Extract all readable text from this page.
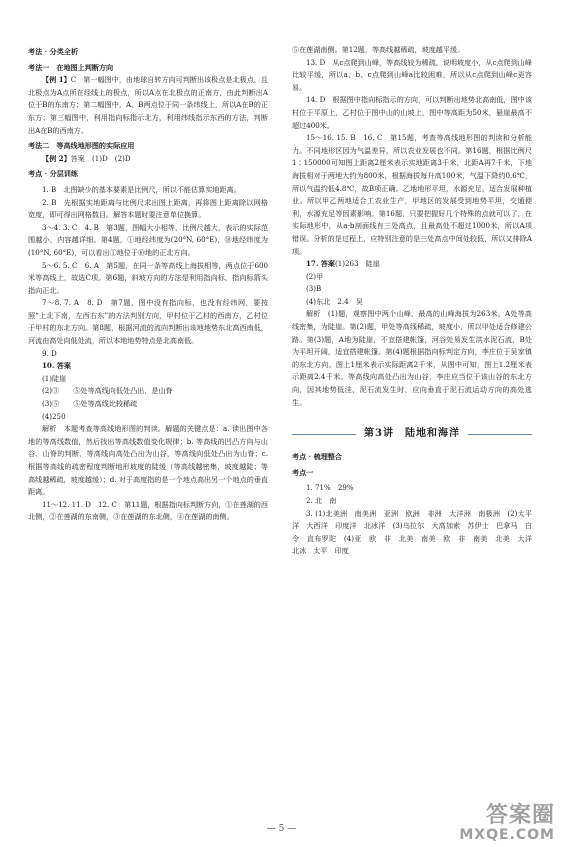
考法 · 分类全析

考法一　在地图上判断方向

【例 1】C　第一幅图中，由地球自转方向可判断出该极点是北极点，且北极点为A点所在经线上的极点，所以A点在北极点的正南方，由此判断出A位于B的东南方；第二幅图中，A、B两点位于同一条纬线上，所以A在B的正东方；第三幅图中，利用指向标指示北方，利用纬线指示东西的方法，判断出A在B的西南方。

考法二　等高线地形图的实际应用

【例 2】答案　(1)D　(2)D

考点 · 分层训练

1. B　北图缺少的基本要素是比例尺，所以不能估算实地距离。

2. B　先根据实地距离与比例尺求出图上距离，再将图上距离除以网格宽度，即可得出网格数目。解答本题时要注意单位换算。

3～4. 3. C　4. B　第3题，图幅大小相等，比例尺越大，表示的实际范围越小，内容越详细。第4题，①地经纬度为(20°N, 60°E)，⑩地经纬度为(10°N, 60°E)，可以看出①地位于⑩地的正北方向。

5～6. 5. C　6. A　第5题，在同一条等高线上海拔相等，两点位于600米等高线上，故选C项。第6题，斜坡方向的方法是利用指向标，指向标箭头指向正北。

7～8. 7. A　8. D　第7题，图中没有指向标，也没有经纬网，要按照“上北下南，左西右东”的方法判别方向，甲村位于乙村的西南方，乙村位于甲村的东北方向。第8题，根据河流的流向判断出该地地势东北高西南低，河流由高处向低处流，所以本地地势特点是北高南低。

9. D

10. 答案

(1)陡崖

(2)③　　⑤处等高线向低处凸出，是山脊

(3)⑤　　⑤处等高线比较稀疏

(4)250

解析　本题考查等高线地形图的判读。解题的关键点是：a. 读出图中各地的等高线数值，然后找出等高线数值变化规律；b. 等高线的凹凸方向与山谷、山脊的判断，等高线向高处凸出为山谷，等高线向低处凸出为山脊；c. 根据等高线的疏密程度判断地形坡度的陡缓（等高线越密集，坡度越陡；等高线越稀疏，坡度越缓）；d. 对于高度指的是一个地点高出另一个地点的垂直距离。

11～12. 11. D　12. C　第11题，根据指向标判断方向，①在莲湖的西北侧，②在莲湖的东南侧，③在莲湖的东北侧，④在莲湖的南侧。

⑤在莲湖南侧。第12题，等高线越稀疏，坡度越平缓。

13. D　从c点爬到山峰，等高线较为稀疏，说明坡度小，从c点爬到山峰比较平缓，所以a、b、c点爬到山峰a比较困难，所以从c点爬到山峰c更容易。

14. D　根据图中指向标指示的方向，可以判断出地势北高南低，图中该村位于平原上，乙村位于图中山的山坡上，图中等高距为50米，悬崖最高不超过400米。

15～16. 15. B　16. C　第15题，考查等高线地形图的判读和分析能力。不同地形区因为气温差异，所以农业发展也不同。第16题，根据比例尺1∶150000可知图上距离2厘米表示实地距离3千米，北距A再7千米，下地海拔相对于两地大约为800米，根据海拔每升高100米，气温下降约0.6℃，所以气温约低4.8℃，故B项正确。乙地地形平坦，水源充足，适合发展种植业。所以甲乙两地适合工农业生产，甲地区的发展受到地势平坦，交通便利，水源充足等因素影响。第16题，只要把握好几个特殊的点就可以了，在实际地形中，从a-b剖面线有三处高点，且最高处不超过1000米，所以A项错误。分析的是过程上，应特别注意的是三处高点中间处较低，所以又排除A项。

17. 答案(1)263　陡崖

(2)甲

(3)B

(4)东北　2.4　吴

解析　(1)题，观察图中两个山峰，最高的山峰海拔为263米。A处等高线密集，为陡崖。第(2)题，甲处等高线稀疏，坡度小，所以甲处适合修建公路。第(3)题，A地为陡崖，不宜搭建帐篷，河谷处易发生洪水泥石流，B处为平坦开阔，适宜搭建帐篷。第(4)题根据指向标判定方向，李庄位于吴家镇的东北方向。图上1厘米表示实际距离2千米，从图中可知，图上1.2厘米表示距离2.4千米。等高线向高处凸出为山谷，李庄应当位于该山谷的东北方向，因其地势低洼，泥石流发生时，应向垂直于泥石流运动方向的高处逃生。

第3讲　陆地和海洋

考点 · 梳理整合

考点一

1. 71%　29%

2. 北　南

3. (1)北美洲　南美洲　亚洲　欧洲　非洲　大洋洲　南极洲　(2)太平洋　大西洋　印度洋　北冰洋　(3)乌拉尔　大高加索　苏伊士　巴拿马　白令　直布罗陀　(4)亚　欧　非　北美　南美　欧　非　南美　北美　大洋　北冰　太平　印度

— 5 —
答案圈
MXQE.COM
